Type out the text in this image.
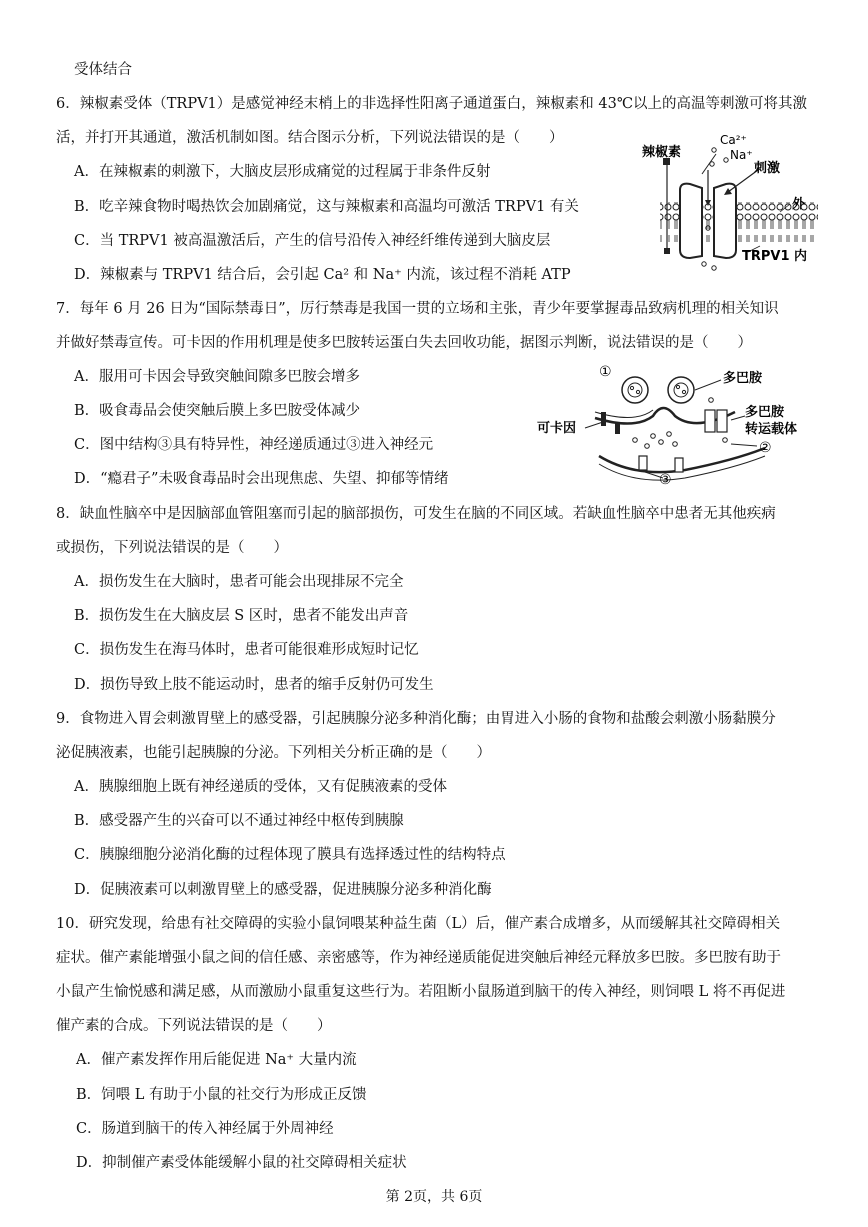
受体结合
6．辣椒素受体（TRPV1）是感觉神经末梢上的非选择性阳离子通道蛋白，辣椒素和 43℃以上的高温等刺激可将其激
活，并打开其通道，激活机制如图。结合图示分析，下列说法错误的是（　　）
A．在辣椒素的刺激下，大脑皮层形成痛觉的过程属于非条件反射
B．吃辛辣食物时喝热饮会加剧痛觉，这与辣椒素和高温均可激活 TRPV1 有关
C．当 TRPV1 被高温激活后，产生的信号沿传入神经纤维传递到大脑皮层
D．辣椒素与 TRPV1 结合后，会引起 Ca² 和 Na⁺ 内流，该过程不消耗 ATP
辣椒素
Ca²⁺
Na⁺
刺激
外
TRPV1 内
7．每年 6 月 26 日为“国际禁毒日”，厉行禁毒是我国一贯的立场和主张，青少年要掌握毒品致病机理的相关知识
并做好禁毒宣传。可卡因的作用机理是使多巴胺转运蛋白失去回收功能，据图示判断，说法错误的是（　　）
A．服用可卡因会导致突触间隙多巴胺会增多
B．吸食毒品会使突触后膜上多巴胺受体减少
C．图中结构③具有特异性，神经递质通过③进入神经元
D．“瘾君子”未吸食毒品时会出现焦虑、失望、抑郁等情绪
①
②
③
多巴胺
可卡因
多巴胺
转运载体
8．缺血性脑卒中是因脑部血管阻塞而引起的脑部损伤，可发生在脑的不同区域。若缺血性脑卒中患者无其他疾病
或损伤，下列说法错误的是（　　）
A．损伤发生在大脑时，患者可能会出现排尿不完全
B．损伤发生在大脑皮层 S 区时，患者不能发出声音
C．损伤发生在海马体时，患者可能很难形成短时记忆
D．损伤导致上肢不能运动时，患者的缩手反射仍可发生
9．食物进入胃会刺激胃壁上的感受器，引起胰腺分泌多种消化酶；由胃进入小肠的食物和盐酸会刺激小肠黏膜分
泌促胰液素，也能引起胰腺的分泌。下列相关分析正确的是（　　）
A．胰腺细胞上既有神经递质的受体，又有促胰液素的受体
B．感受器产生的兴奋可以不通过神经中枢传到胰腺
C．胰腺细胞分泌消化酶的过程体现了膜具有选择透过性的结构特点
D．促胰液素可以刺激胃壁上的感受器，促进胰腺分泌多种消化酶
10．研究发现，给患有社交障碍的实验小鼠饲喂某种益生菌（L）后，催产素合成增多，从而缓解其社交障碍相关
症状。催产素能增强小鼠之间的信任感、亲密感等，作为神经递质能促进突触后神经元释放多巴胺。多巴胺有助于
小鼠产生愉悦感和满足感，从而激励小鼠重复这些行为。若阻断小鼠肠道到脑干的传入神经，则饲喂 L 将不再促进
催产素的合成。下列说法错误的是（　　）
A．催产素发挥作用后能促进 Na⁺ 大量内流
B．饲喂 L 有助于小鼠的社交行为形成正反馈
C．肠道到脑干的传入神经属于外周神经
D．抑制催产素受体能缓解小鼠的社交障碍相关症状
第 2页，共 6页
